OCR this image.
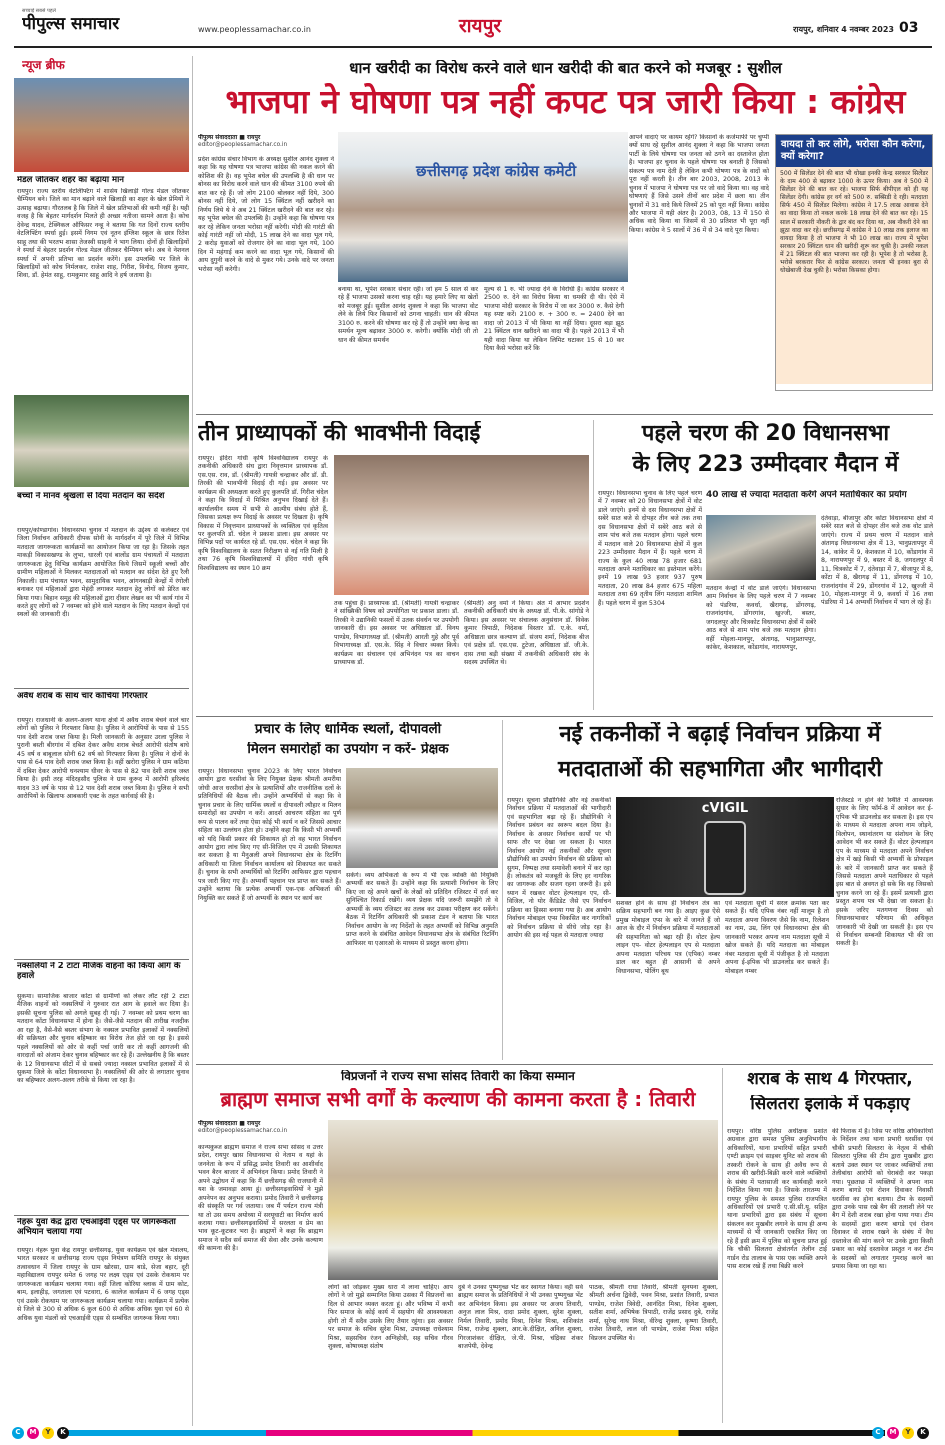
सच्चाई सबसे पहले
पीपुल्स समाचार	www.peoplessamachar.co.in	रायपुर	रायपुर, शनिवार 4 नवम्बर 2023 03
न्यूज ब्रीफ
मेडल जीतकर शहर का बढ़ाया मान
रायपुर। राज्य स्तरीय वेटलिफ्टिंग में शासेय खिलाड़ी गोल्ड मेडल जीतकर चैम्पियन बने। जिले का मान बढ़ाने वाले खिलाड़ी का शहर के खेल प्रेमियों ने उत्साह बढ़ाया। गौरतलब है कि जिले में खेल प्रतिभाओं की कमी नहीं है। यही वजह है कि बेहतर मार्गदर्शन मिलते ही अच्छा नतीजा सामने आता है। कोच देवेन्द्र यादव, टेक्निकल ऑफिसर नन्हू ने बताया कि गत दिनों राज्य स्तरीय वेटलिफ्टिंग स्पर्धा हुई। इसमें निगम एवं नूतन इंग्लिश स्कूल के छात्र रितेश साहू तथा की भरतभ शासा तेजस्वी साहनी ने भाग लिया। दोनों ही खिलाड़ियों ने स्पर्धा में बेहतर प्रदर्शन गोल्ड मेडल जीतकर चैम्पियन बने। अब वे नेशनल स्पर्धा में अपनी प्रतिभा का प्रदर्शन करेंगे। इस उपलब्धि पर जिले के खिलाड़ियों को कोच निर्मलकर, राजेश शाह, गिरीश, विनोद, विजय कुमार, शिवा, डॉ. हेमंत साहू, रामकुमार साहू आदि ने हर्ष जताया है।
बच्चों ने मानव श्रृंखला से दिया मतदान का संदेश
रायपुर/कोण्डागांव। विधानसभा चुनाव में मतदान के उद्देश्य से कलेक्टर एवं जिला निर्वाचन अधिकारी दीपक सोनी के मार्गदर्शन में पूरे जिले में विभिन्न मतदाता जागरूकता कार्यक्रमों का आयोजन किया जा रहा है। जिसके तहत माकड़ी विकासखण्ड के लुभा, धारली एवं बालोंड ग्राम पंचायतों में मतदाता जागरूकता हेतु विभिन्न कार्यक्रम आयोजित किये जिसमें स्कूली बच्चों और ग्रामीण महिलाओं ने मिलकर मतदाताओं को मतदान का संदेश देते हुए रैली निकाली। ग्राम पंचायत भवन, सामुदायिक भवन, आंगनबाड़ी केन्द्रों में रंगोली बनाकर एवं महिलाओं द्वारा मेहंदी लगाकर मतदान हेतु लोगों को प्रेरित कर किया गया। बिहान समूह की महिलाओं द्वारा दीवार लेखन का भी कार्य गांव में करते हुए लोगों को 7 नवम्बर को होने वाले मतदान के लिए मतदान केन्द्रों एवं स्थलों की जानकारी दी।
अवैध शराब के साथ चार कोचिया गिरफ्तार
रायपुर। राजधानी के अलग-अलग थाना क्षेत्रों में अवैध शराब बेचने वाले चार लोगों को पुलिस ने गिरफ्तार किया है। पुलिस ने आरोपियों के पास से 155 पाव देशी शराब जब्त किया है। मिली जानकारी के अनुसार उरला पुलिस ने पुरानी बस्ती बीरगांव में दबिश देकर अवैध शराब बेचते आरोपी संतोष बाघे 45 वर्ष व बाबूलाल सोनी 62 वर्ष को गिरफ्तार किया है। पुलिस ने दोनों के पास से 64 पाव देशी शराब जब्त किया है। वहीं खरोरा पुलिस ने ग्राम कठिया में दबिश देकर आरोपी घनश्याम धीवर के पास से 82 पाव देशी शराब जब्त किया है। इसी तरह मंदिरहसौद पुलिस ने ग्राम कुरूद में आरोपी हरिश्चंद यादव 33 वर्ष के पास से 12 पाव देशी शराब जब्त किया है। पुलिस ने सभी आरोपियों के खिलाफ आबकारी एक्ट के तहत कार्रवाई की है।
नक्सलियों ने 2 टाटा मैजिक वाहनों को किया आग के हवाले
सुकमा। सामाजिक बाजार कोंटा से ग्रामीणों को लेकर लौट रही 2 टाटा मैजिक वाहनों को नक्सलियों ने गुरुवार रात आग के हवाले कर दिया है। इसकी सूचना पुलिस को अगले सुबह दी गई। 7 नवम्बर को प्रथम चरण का मतदान कोंटा विधानसभा में होना है। जैसे-जैसे मतदान की तारीख नजदीक आ रहा है, वैसे-वैसे बस्तर संभाग के नक्सल प्रभावित इलाकों में नक्सलियों की सक्रियता और चुनाव बहिष्कार का विरोध तेज होते जा रहा है। इससे पहले नक्सलियों को ओर से कहीं पर्चा जारी कर तो कहीं आगजनी की वारदातों को अंजाम देकर चुनाव बहिष्कार कर रहे हैं। उल्लेखनीय है कि बस्तर के 12 विधानसभा सीटों में से सबसे ज्यादा नक्सल प्रभावित इलाकों में से सुकमा जिले के कोंटा विधानसभा है। नक्सलियों की ओर से लगातार चुनाव का बहिष्कार अलग-अलग तरीके से किया जा रहा है।
नेहरू युवा केंद्र द्वारा एचआईवी एड्स पर जागरूकता अभियान चलाया गया
रायपुर। नेहरू युवा केंद्र रायपुर छत्तीसगढ़, युवा कार्यक्रम एवं खेल मंत्रालय, भारत सरकार व छत्तीसगढ़ राज्य एड्स नियंत्रण समिति रायपुर के संयुक्त तत्वावधान में जिला रायपुर के ग्राम खोरसा, ग्राम बाडे, सेजा बहार, दूरी महाविद्यालय रायपुर समेत 6 जगह पर लक्ष्य एड्स एवं उसके रोकथाम पर जागरूकता कार्यक्रम चलाया गया। वहीं जिला कोरिया ब्लाक में ग्राम कोट, बाम, इलाहीड़, जगताला एवं पटवारा, 6 कालेज कार्यक्रम में 6 जगह एड्स एवं उसके रोकथाम पर जागरूकता कार्यक्रम चलाया गया। कार्यक्रम में प्रत्येक से जिले से 300 से अधिक 6 कुल 600 से अधिक अधिक युवा एवं 60 से अधिक युवा मंडलों को एचआईवी एड्स से सम्बंधित जागरूक किया गया।
धान खरीदी का विरोध करने वाले धान खरीदी की बात करने को मजबूर : सुशील
भाजपा ने घोषणा पत्र नहीं कपट पत्र जारी किया : कांग्रेस
पीपुल्स संवाददाता ■ रायपुर
editor@peoplessamachar.co.in
प्रदेश कांग्रेस संचार विभाग के अध्यक्ष सुशील आनंद शुक्ला ने कहा कि यह घोषणा पत्र भाजपा कांग्रेस की नकल करने की कोशिश की है। वह भूपेश बघेल की उपलब्धि है की धान पर बोनस का विरोध करने वाले धान की कीमत 3100 रुपये की बात कर रहे हैं। जो लोग 2100 बोलकर नहीं दिये, 300 बोनस नहीं दिये, जो लोग 15 क्विंटल नहीं खरीदने का निर्णय लिये थे वे अब 21 क्विंटल खरीदने की बात कर रहे। यह भूपेश बघेल की उपलब्धि है। उन्होंने कहा कि घोषणा पत्र कर रहे लेकिन जनता भरोसा नहीं करेगी। मोदी की गारंटी की कोई गारंटी नहीं जो मोदी, 15 लाख देने का वादा भूल गये, 2 करोड़ युवाओं को रोजगार देने का वादा भूल गये, 100 दिन में महंगाई कम करने का वादा भूल गये, किसानों की आय दुगुनी करने के वादे से मुकर गये। उनके वादे पर जनता भरोसा नहीं करेगी।
छत्तीसगढ़ प्रदेश कांग्रेस कमेटी
बनाया था, भूपेश सरकार संचार रही। जो हम 5 साल से कर रहे हैं भाजपा उसको करना चाह रही। यह हमारे लिए या खेतों को मजबूर हुई। सुशील आनंद शुक्ला ने कहा कि भाजपा वोट लेने के लिये फिर किसानों को ठगना चाहती। धान की कीमत 3100 रु. करने की घोषणा कर रहे हैं तो उन्होंने क्या केन्द्र का समर्थन मूल्य बढ़ाकर 3000 रु. करेगी। क्योंकि मोदी जी तो धान की कीमत समर्थन
मूल्य से 1 रु. भी ज्यादा देने के विरोधी है। कांग्रेस सरकार ने 2500 रु. देने का विरोध किया था धमकी दी थी। ऐसे में भाजपा मोदी सरकार के विरोध में जा कर 3000 रु. कैसे देगी यह स्पष्ट करें। 2100 रु. + 300 रु. = 2400 देने का वादा जो 2013 में भी किया था नहीं दिया। दूसरा बड़ा झूठ 21 क्विंटल धान खरीदने का वादा भी है। पहले 2013 में भी यही वादा किया था लेकिन लिमिट घटाकर 15 से 10 कर दिया कैसे भरोसा करें कि
आपने वादाएं पर कायम रहेंगे? किसानों के कर्जमाफी पर चुप्पी क्यों साध रहे सुशील आनंद शुक्ला ने कहा कि भाजपा जनता पार्टी के लिये घोषणा पत्र जनता को ठगने का दस्तावेज होता है। भाजपा हर चुनाव के पहले घोषणा पत्र बनाती है जिसको संकल्प पत्र नाम देती है लेकिन कभी घोषणा पत्र के वादों को पूरा नहीं करती है। तीन बार 2003, 2008, 2013 के चुनाव में भाजपा ने घोषणा पत्र पर जो वादे किया था। वह वादे घोषणाएं हैं जिसे उसने तीनों बार प्रदेश में छला था। तीन चुनावों में 31 वादे किये जिनमें 25 को पूरा नहीं किया। कांग्रेस और भाजपा में यही अंतर है। 2003, 08, 13 में 150 से अधिक वादे किया था जिसमें से 30 प्रतिशत भी पूरा नहीं किया। कांग्रेस ने 5 सालों में 36 में से 34 वादे पूरा किया।
वायदा तो कर लोगे, भरोसा कौन करेगा, क्यों करेगा?
500 में सिलेंडर देने की बात भी धोखा इनकी केन्द्र सरकार सिलेंडर के दाम 400 से बढ़ाकर 1000 के ऊपर किया। अब वे 500 में सिलेंडर देने की बात कर रहे। भाजपा सिर्फ बीपीएल को ही यह सिलेंडर देगी। कांग्रेस हर वर्ग को 500 रु. सब्सिडी दे रही। मतदाता सिर्फ 450 में सिलेंडर मिलेगा। कांग्रेस ने 17.5 लाख आवास देने का वादा किया तो नकल करके 18 लाख देने की बात कर रहे। 15 साल में सरकारी नौकरी के द्वार बंद कर दिया था, अब नौकरी देने का झूठा वादा कर रहे। छत्तीसगढ़ में कांग्रेस ने 10 लाख तक इलाज का वायदा किया है तो भाजपा ने भी 10 लाख का। राज्य में भूपेश सरकार 20 क्विंटल धान की खरीदी शुरू कर चुकी है। उनकी नकल में 21 क्विंटल की बात भाजपा कर रही है। भूपेश है तो भरोसा है, भरोसे बरकरार फिर से कांग्रेस सरकार। जनता भी इनका बुरा से धोखेबाजी देख चुकी है। भरोसा किसका होगा।
तीन प्राध्यापकों की भावभीनी विदाई
रायपुर। इंदिरा गांधी कृषि विश्वविद्यालय रायपुर के तकनीकी अधिकारी संघ द्वारा निवृत्तमान प्राध्यापक डॉ. एस.एस. राव, डॉ. (श्रीमती) गायत्री चन्द्राकर और डॉ. डी. तिरकी की भावभीनी विदाई दी गई। इस अवसर पर कार्यक्रम की अध्यक्षता करते हुए कुलपति डॉ. गिरीश चंदेल ने कहा कि विदाई में मिश्रित अनुभव दिखाई देते हैं। कार्यालयीन समय में सभी से आत्मीय संबंध होते हैं, जिसका प्रत्यक्ष रूप विदाई के अवसर पर दिखता है। कृषि विकास में निवृत्तमान प्राध्यापकों के व्यक्तित्व एवं कृतित्व पर कुलपति डॉ. चंदेल ने प्रकाश डाला। इस अवसर पर विभिन्न पदों पर कार्यरत रहे डॉ. एस.एस. चंदेल ने कहा कि कृषि विश्वविद्यालय के सतत निरीक्षण से नई गति मिली है तथा 76 कृषि विश्वविद्यालयों में इंदिरा गांधी कृषि विश्वविद्यालय का स्थान 10 क्रम
तक पहुंचा है। प्राध्यापक डॉ. (श्रीमती) गायत्री चन्द्राकर ने सांख्यिकी विषय को उपयोगिता पर प्रकाश डाला। डॉ. तिरकी ने उद्यानिकी फसलों में उतक संवर्धन पर उपयोगी जानकारी दी। इस अवसर पर अधिष्ठाता डॉ. विनय पाण्डेय, विभागाध्यक्ष डॉ. (श्रीमती) आरती गुहे और पूर्व विभागाध्यक्ष डॉ. एस.के. सिंह ने विचार व्यक्त किये। कार्यक्रम का संचालन एवं अभिनंदन पत्र का वाचन प्राध्यापक डॉ.
(श्रीमती) अनु वर्मा ने किया। अंत में आभार प्रदर्शन तकनीकी अधिकारी संघ के अध्यक्ष डॉ. पी.के. सांगोडे ने किया। इस अवसर पर संचालक अनुसंधान डॉ. विवेक कुमार त्रिपाठी, निदेशक विस्तार डॉ. ए.के. वर्मा, अधिष्ठाता छात्र कल्याण डॉ. संजय शर्मा, निदेशक बीज एवं प्रक्षेत्र डॉ. एस.एस. टुटेजा, अधिष्ठाता डॉ. जी.के. दास तथा बड़ी संख्या में तकनीकी अधिकारी संघ के सदस्य उपस्थित थे।
पहले चरण की 20 विधानसभा
के लिए 223 उम्मीदवार मैदान में
40 लाख से ज्यादा मतदाता करेंगे अपने मताधिकार का प्रयोग
रायपुर। विधानसभा चुनाव के लिए पहले चरण में 7 नवम्बर को 20 विधानसभा क्षेत्रों में वोट डाले जाएंगे। इनमें से दस विधानसभा क्षेत्रों में सबेरे सात बजे से दोपहर तीन बजे तक तथा दस विधानसभा क्षेत्रों में सबेरे आठ बजे से शाम पांच बजे तक मतदान होगा। पहले चरण में मतदान वाले 20 विधानसभा क्षेत्रों में कुल 223 उम्मीदवार मैदान में हैं। पहले चरण में राज्य के कुल 40 लाख 78 हजार 681 मतदाता अपने मताधिकार का इस्तेमाल करेंगे। इनमें 19 लाख 93 हजार 937 पुरुष मतदाता, 20 लाख 84 हजार 675 महिला मतदाता तथा 69 तृतीय लिंग मतदाता शामिल हैं। पहले चरण में कुल 5304
मतदान केन्द्रों में वोट डाले जाएंगे। विधानसभा आम निर्वाचन के लिए पहले चरण में 7 नवम्बर को पंडरिया, कवर्धा, खैरागढ़, डोंगरगढ़, राजनांदगांव, डोंगरगांव, खुज्जी, बस्तर, जगदलपुर और चित्रकोट विधानसभा क्षेत्रों में सबेरे आठ बजे से शाम पांच बजे तक मतदान होगा। वहीं मोहला-मानपुर, अंतागढ़, भानुप्रतापपुर, कांकेर, केशकाल, कोंडागांव, नारायणपुर,
दंतेवाड़ा, बीजापुर और कोंटा विधानसभा क्षेत्रों में सबेरे सात बजे से दोपहर तीन बजे तक वोट डाले जाएंगे। राज्य में प्रथम चरण में मतदान वाले अंतागढ़ विधानसभा क्षेत्र में 13, भानुप्रतापपुर में 14, कांकेर में 9, केशकाल में 10, कोंडागांव में 8, नारायणपुर में 9, बस्तर में 8, जगदलपुर में 11, चित्रकोट में 7, दंतेवाड़ा में 7, बीजापुर में 8, कोंटा में 8, खैरागढ़ में 11, डोंगरगढ़ में 10, राजनांदगांव में 29, डोंगरगांव में 12, खुज्जी में 10, मोहला-मानपुर में 9, कवर्धा में 16 तथा पंडरिया में 14 अभ्यर्थी निर्वाचन में भाग ले रहे हैं।
प्रचार के लिए धार्मिक स्थलों, दीपावली
मिलन समारोहों का उपयोग न करें- प्रेक्षक
रायपुर। विधानसभा चुनाव 2023 के लिए भारत निर्वाचन आयोग द्वारा धरसीवां के लिए नियुक्त प्रेक्षक श्रीमती अमरीया जोधी आज धरसीवां क्षेत्र के प्रत्याशियों और राजनीतिक दलों के प्रतिनिधियों की बैठक ली। उन्होंने अभ्यर्थियों से कहा कि वे चुनाव प्रचार के लिए धार्मिक स्थलों व दीपावली त्यौहार व मिलन समारोहों का उपयोग न करें। आदर्श आचरण संहिता का पूर्ण रूप से पालन करें तथा ऐसा कोई भी कार्य न करें जिससे आचार संहिता का उल्लंघन होता हो। उन्होंने कहा कि किसी भी अभ्यर्थी को यदि किसी प्रकार की शिकायत हो तो वह भारत निर्वाचन आयोग द्वारा लांच किए गए सी-विजिल एप में उसकी शिकायत कर सकता है या मैनुअली अपने विधानसभा क्षेत्र के रिटर्निंग अधिकारी या जिला निर्वाचन कार्यालय को शिकायत कर सकते हैं। चुनाव के सभी अभ्यर्थियों को रिटर्निंग आफिसर द्वारा पहचान पत्र जारी किए गए हैं। अभ्यर्थी पहचान पत्र प्राप्त कर सकते हैं। उन्होंने बताया कि प्रत्येक अभ्यर्थी एक-एक अभिकर्ता की नियुक्ति कर सकते हैं जो अभ्यर्थी के स्थान पर कार्य कर
सकेंगे। व्यय अभिकर्ता के रूप में भी एक व्यक्ति की नियुक्ति अभ्यर्थी कर सकते हैं। उन्होंने कहा कि प्रत्याशी निर्वाचन के लिए किए जा रहे अपने खर्चों के लेखों को प्रतिदिन रजिस्टर में दर्ज कर सुनिश्चित रिकार्ड रखेंगे। व्यय प्रेक्षक यदि जरूरी समझेंगे तो वे अभ्यर्थी के व्यय रजिस्टर का तलब कर उसका परीक्षण कर सकेंगे। बैठक में रिटर्निंग अधिकारी श्री प्रकाश टंडन ने बताया कि भारत निर्वाचन आयोग के नए निर्देशों के तहत अभ्यर्थी को विभिन्न अनुमति प्राप्त करने के संबंधित आवेदन विधानसभा क्षेत्र के संबंधित रिटर्निंग आफिसर या एआरओ के माध्यम से प्रस्तुत करना होगा।
नई तकनीकों ने बढ़ाई निर्वाचन प्रक्रिया में
मतदाताओं की सहभागिता और भागीदारी
रायपुर। सूचना प्रौद्योगिकी और नई तकनीकों निर्वाचन प्रक्रिया में मतदाताओं की भागीदारी एवं सहभागिता बढ़ा रहे हैं। प्रौद्योगिकी ने निर्वाचन प्रबंधन का स्वरूप बदल दिया है। निर्वाचन के अवसर निर्वाचन कार्यों पर भी साफ तौर पर देखा जा सकता है। भारत निर्वाचन आयोग नई तकनीकों और सूचना प्रौद्योगिकी का उपयोग निर्वाचन की प्रक्रिया को सुगम, निष्पक्ष तथा समावेशी बनाने में कर रहा है। लोकतंत्र को मजबूती के लिए हर नागरिक का जागरूक और सजग रहना जरूरी है। इसे ध्यान में रखकर वोटर हेल्पलाइन एप, सी-विजिल, नो योर कैंडिडेट जैसे एप निर्वाचन प्रक्रिया का हिस्सा बनाया गया है। अब आयोग निर्वाचन मोबाइल एप्स विकसित कर नागरिकों को निर्वाचन प्रक्रिया से सीधे जोड़ रहा है। आयोग की इस नई पहल से मतदाता ज्यादा
cVIGIL
सशक्त होने के साथ ही निर्वाचन तंत्र का सक्रिय सहभागी बन गया है। आइए कुछ ऐसे प्रमुख मोबाइल एप्स के बारे में जानते हैं जो आज के दौर में निर्वाचन प्रक्रिया में मतदाताओं की सहभागिता को बढ़ा रही हैं। वोटर हेल्प लाइन एप- वोटर हेल्पलाइन एप से मतदाता अपना मतदाता परिचय पत्र (एपिक) नम्बर डाल कर बहुत ही आसानी से अपने विधानसभा, पोलिंग बूथ
एवं मतदाता सूची में सरल क्रमांक पता कर सकते हैं। यदि एपिक नंबर नहीं मालूम है तो मतदाता अपना विवरण जैसे कि नाम, रिलेशन का नाम, उम्र, लिंग एवं विधानसभा क्षेत्र की जानकारी भरकर अपना नाम मतदाता सूची में खोज सकते हैं। यदि मतदाता का मोबाइल नंबर मतदाता सूची में पंजीकृत है तो मतदाता अपना ई-इपिक भी डाउनलोड कर सकते हैं। मोबाइल नम्बर
रजिस्टर्ड न होने की स्थिति में आवश्यक सुधार के लिए फॉर्म-8 में आवेदन कर ई-एपिक भी डाउनलोड कर सकता है। इस एप के माध्यम से मतदाता अपना नाम जोड़ने, विलोपन, स्थानांतरण या संशोधन के लिए आवेदन भी कर सकते हैं। वोटर हेल्पलाइन एप के माध्यम से मतदाता अपने निर्वाचन क्षेत्र में खड़े किसी भी अभ्यर्थी के प्रोफाइल के बारे में जानकारी प्राप्त कर सकते हैं जिससे मतदाता अपने मताधिकार से पहले इस बात से अवगत हो सके कि वह जिसको चुनाव करने जा रहे हैं। इसमें प्रत्याशी द्वारा प्रस्तुत शपथ पत्र भी देखा जा सकता है। इसके जरिए मतगणना दिवस को विधानसभावार परिणाम की अधिकृत जानकारी भी देखी जा सकती है। इस एप से निर्वाचन सम्बन्धी शिकायत भी की जा सकती है।
विप्रजनों ने राज्य सभा सांसद तिवारी का किया सम्मान
ब्राह्मण समाज सभी वर्गों के कल्याण की कामना करता है : तिवारी
पीपुल्स संवाददाता ■ रायपुर
editor@peoplessamachar.co.in
कान्यकुब्ज ब्राह्मण समाज ने राज्य सभा सांसद व उत्तर प्रदेश, रायपुर खास विधानसभा से नेताम व यहां के जननेता के रूप में प्रसिद्ध प्रमोद तिवारी का आशीर्वाद भवन बैरन बाजार में अभिनंदन किया। प्रमोद तिवारी ने अपने उद्बोधन में कहा कि मैं छत्तीसगढ़ की राजधानी में यश के जमावड़ा आया हूं। छत्तीसगढ़वासियों ने मुझे अपनेपन का अनुभव कराया। प्रमोद तिवारी ने छत्तीसगढ़ की संस्कृति पर गर्व जताया। जब मैं पर्यटन राज्य मंत्री था तो उस समय अयोध्या में सरयूघाटी का निर्माण कार्य कराया गया। छत्तीसगढ़वासियों में सरलता व प्रेम का भाव कूट-कूटकर भरा है। ब्राह्मणों ने कहा कि ब्राह्मण समाज ने सदैव सर्व समाज की सेवा और उनके कल्याण की कामना की है।
लोगों को जोड़कर मुख्य धारा में लाना चाहिए। आप लोगों ने जो मुझे सम्मानित किया उसका मैं विप्रजनों का दिल से आभार व्यक्त करता हूं। और भविष्य में कभी फिर समाज के कोई कार्य में सहयोग की आवश्यकता होगी तो मैं सदैव उसके लिए तैयार रहूंगा। इस अवसर पर समाज के सचिव सुरेश मिश्रा, उपाध्यक्ष राधेश्याम मिश्रा, सहसचिव रंजन अग्निहोत्री, सह सचिव गौरव शुक्ला, कोषाध्यक्ष संतोष
दुबे ने उनका पुष्पगुच्छ भेंट कर स्वागत किया। वहीं सर्व ब्राह्मण समाज के प्रतिनिधियों ने भी उनका पुष्पगुच्छ भेंट कर अभिनंदन किया। इस अवसर पर अजय तिवारी, अनुज लाल मिश्र, दादा प्रमोद शुक्ला, सुरेश शुक्ला, निर्मल तिवारी, प्रमोद मिश्रा, दिनेश मिश्रा, शशिकांत मिश्रा, राजेन्द्र शुक्ला, आर.के.दीक्षित, अनिल शुक्ला, गिरजाशंकर दीक्षित, जे.पी. मिश्रा, चंद्रिका शंकर बाजपेयी, देवेन्द्र
पाठक, श्रीमती राधा तिवारी, श्रीमती सुनयना शुक्ला, श्रीमती अर्चना द्विवेदी, पवन मिश्रा, प्रशांत तिवारी, प्रभात पाण्डेय, राजेश त्रिवेदी, आनंदित मिश्रा, दिनेश शुक्ला, सतीश शर्मा, अभिषेक त्रिपाठी, राजेंद्र प्रसाद दुबे, राजेंद्र शर्मा, सुरेन्द्र नाथ मिश्रा, वीरेन्द्र शुक्ला, कृष्णा तिवारी, राजेश तिवारी, लाल जी पाण्डेय, राजेश मिश्रा सहित विप्रजन उपस्थित थे।
शराब के साथ 4 गिरफ्तार,
सिलतरा इलाके में पकड़ाए
रायपुर। वरिष्ठ पुलिस अधीक्षक प्रशांत अग्रवाल द्वारा समस्त पुलिस अनुविभागीय अधिकारियों, थाना प्रभारियों सहित प्रभारी एण्टी क्राइम एवं साइबर यूनिट को शराब की तस्करी रोकने के साथ ही अवैध रूप से शराब की खरीदी-बिक्री करने वाले व्यक्तियों के संबंध में पतासाजी कर कार्यवाही करने निर्देशित किया गया है। जिसके तारतम्य में रायपुर पुलिस के समस्त पुलिस राजपत्रित अधिकारियों एवं प्रभारी ए.सी.सी.यू. सहित थाना प्रभारियों द्वारा इस संबंध में सूचना संकलन कर मुखबीर लगाने के साथ ही अन्य माध्यमों से भी जानकारी एकत्रित किए जा रहे हैं इसी क्रम में पुलिस को सूचना प्राप्त हुई कि चौकी सिलतरा क्षेत्रांतर्गत तेलीन टाई गार्डन रोड तालाब के पास एक व्यक्ति अपने पास शराब रखे हैं तथा बिक्री करने
की फिराक में है। जिस पर वरिष्ठ अधिकारियों के निर्देशन तथा थाना प्रभारी धरसींवा एवं चौकी प्रभारी सिलतरा के नेतृत्व में चौकी सिलतरा पुलिस की टीम द्वारा मुखबीर द्वारा बताये उक्त स्थान पर जाकर व्यक्तियों तथा तेलीबांधा आरोपी को घेराबंदी कर पकड़ा गया। पूछताछ में व्यक्तियों ने अपना नाम करण बागडे एवं रोशन दिवाकर निवासी धरसींवा का होना बताया। टीम के सदस्यों द्वारा उनके पास रखे बैग की तलाशी लेने पर बैग में देशी शराब रखा होना पाया गया। टीम के सदस्यों द्वारा करण बागडे एवं रोशन दिवाकर से शराब रखने के संबंध में वैध दस्तावेज की मांग करने पर उनके द्वारा किसी प्रकार का कोई दस्तावेज प्रस्तुत न कर टीम के सदस्यों को लगातार गुमराह करने का प्रयास किया जा रहा था।
C	M	Y	K	C	M	Y	K
